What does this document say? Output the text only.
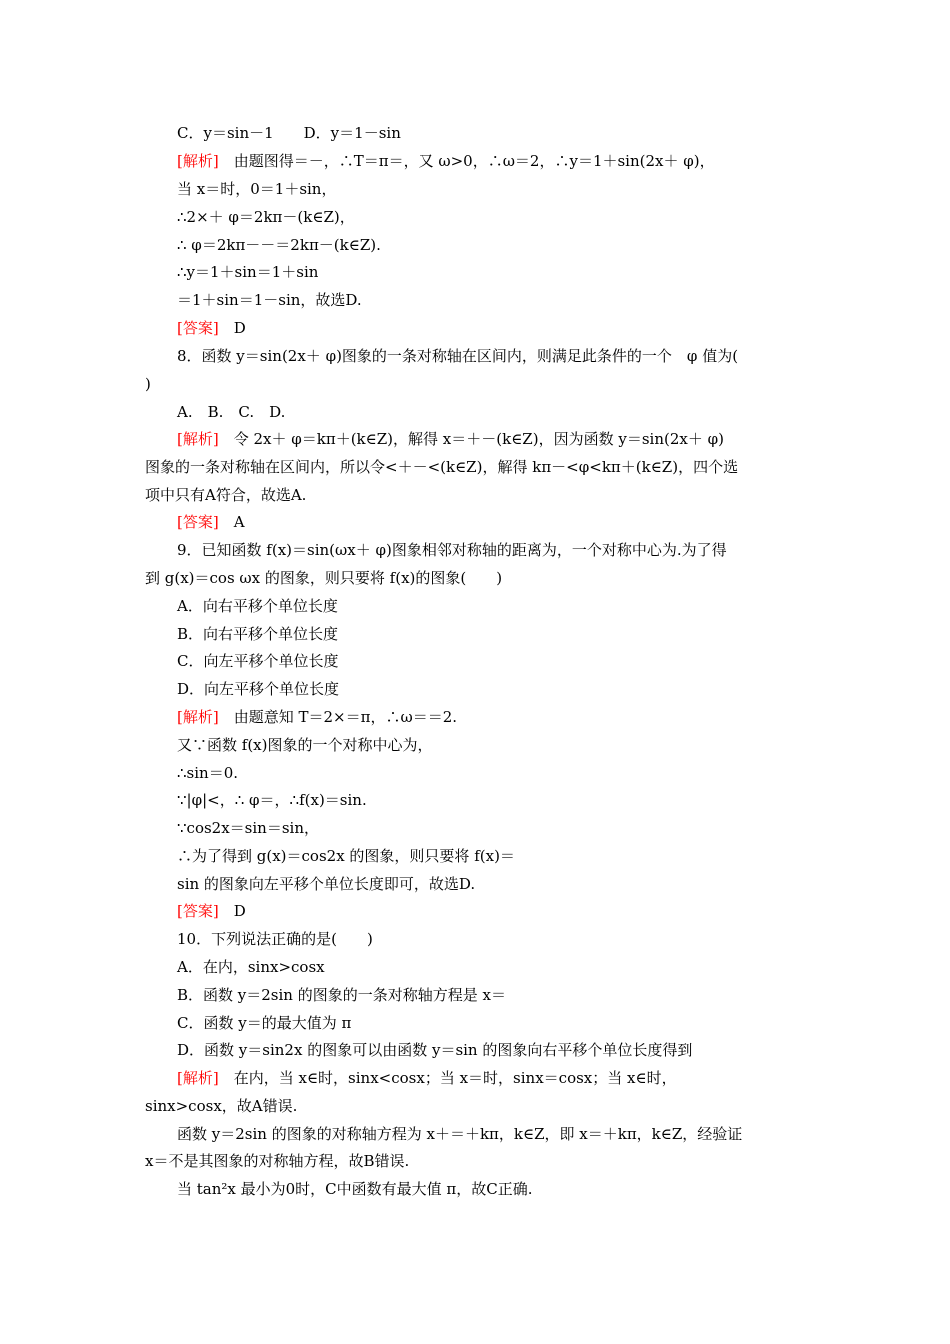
C．y＝sin－1　　D．y＝1－sin
[解析]　由题图得＝－，∴T＝π＝，又 ω>0，∴ω＝2，∴y＝1＋sin(2x＋ φ)，
当 x＝时，0＝1＋sin，
∴2×＋ φ＝2kπ－(k∈Z)，
∴ φ＝2kπ－－＝2kπ－(k∈Z).
∴y＝1＋sin＝1＋sin
＝1＋sin＝1－sin，故选D.
[答案]　D
8．函数 y＝sin(2x＋ φ)图象的一条对称轴在区间内，则满足此条件的一个　φ 值为(
)
A.　B.　C.　D.
[解析]　令 2x＋ φ＝kπ＋(k∈Z)，解得 x＝＋－(k∈Z)，因为函数 y＝sin(2x＋ φ)
图象的一条对称轴在区间内，所以令<＋－<(k∈Z)，解得 kπ－<φ<kπ＋(k∈Z)，四个选
项中只有A符合，故选A.
[答案]　A
9．已知函数 f(x)＝sin(ωx＋ φ)图象相邻对称轴的距离为，一个对称中心为.为了得
到 g(x)＝cos ωx 的图象，则只要将 f(x)的图象(　　)
A．向右平移个单位长度
B．向右平移个单位长度
C．向左平移个单位长度
D．向左平移个单位长度
[解析]　由题意知 T＝2×＝π，∴ω＝＝2.
又∵函数 f(x)图象的一个对称中心为，
∴sin＝0.
∵|φ|<，∴ φ＝，∴f(x)＝sin.
∵cos2x＝sin＝sin，
∴为了得到 g(x)＝cos2x 的图象，则只要将 f(x)＝
sin 的图象向左平移个单位长度即可，故选D.
[答案]　D
10．下列说法正确的是(　　)
A．在内，sinx>cosx
B．函数 y＝2sin 的图象的一条对称轴方程是 x＝
C．函数 y＝的最大值为 π
D．函数 y＝sin2x 的图象可以由函数 y＝sin 的图象向右平移个单位长度得到
[解析]　在内，当 x∈时，sinx<cosx；当 x＝时，sinx＝cosx；当 x∈时，
sinx>cosx，故A错误.
函数 y＝2sin 的图象的对称轴方程为 x＋＝＋kπ，k∈Z，即 x＝＋kπ，k∈Z，经验证
x＝不是其图象的对称轴方程，故B错误.
当 tan²x 最小为0时，C中函数有最大值 π，故C正确.
